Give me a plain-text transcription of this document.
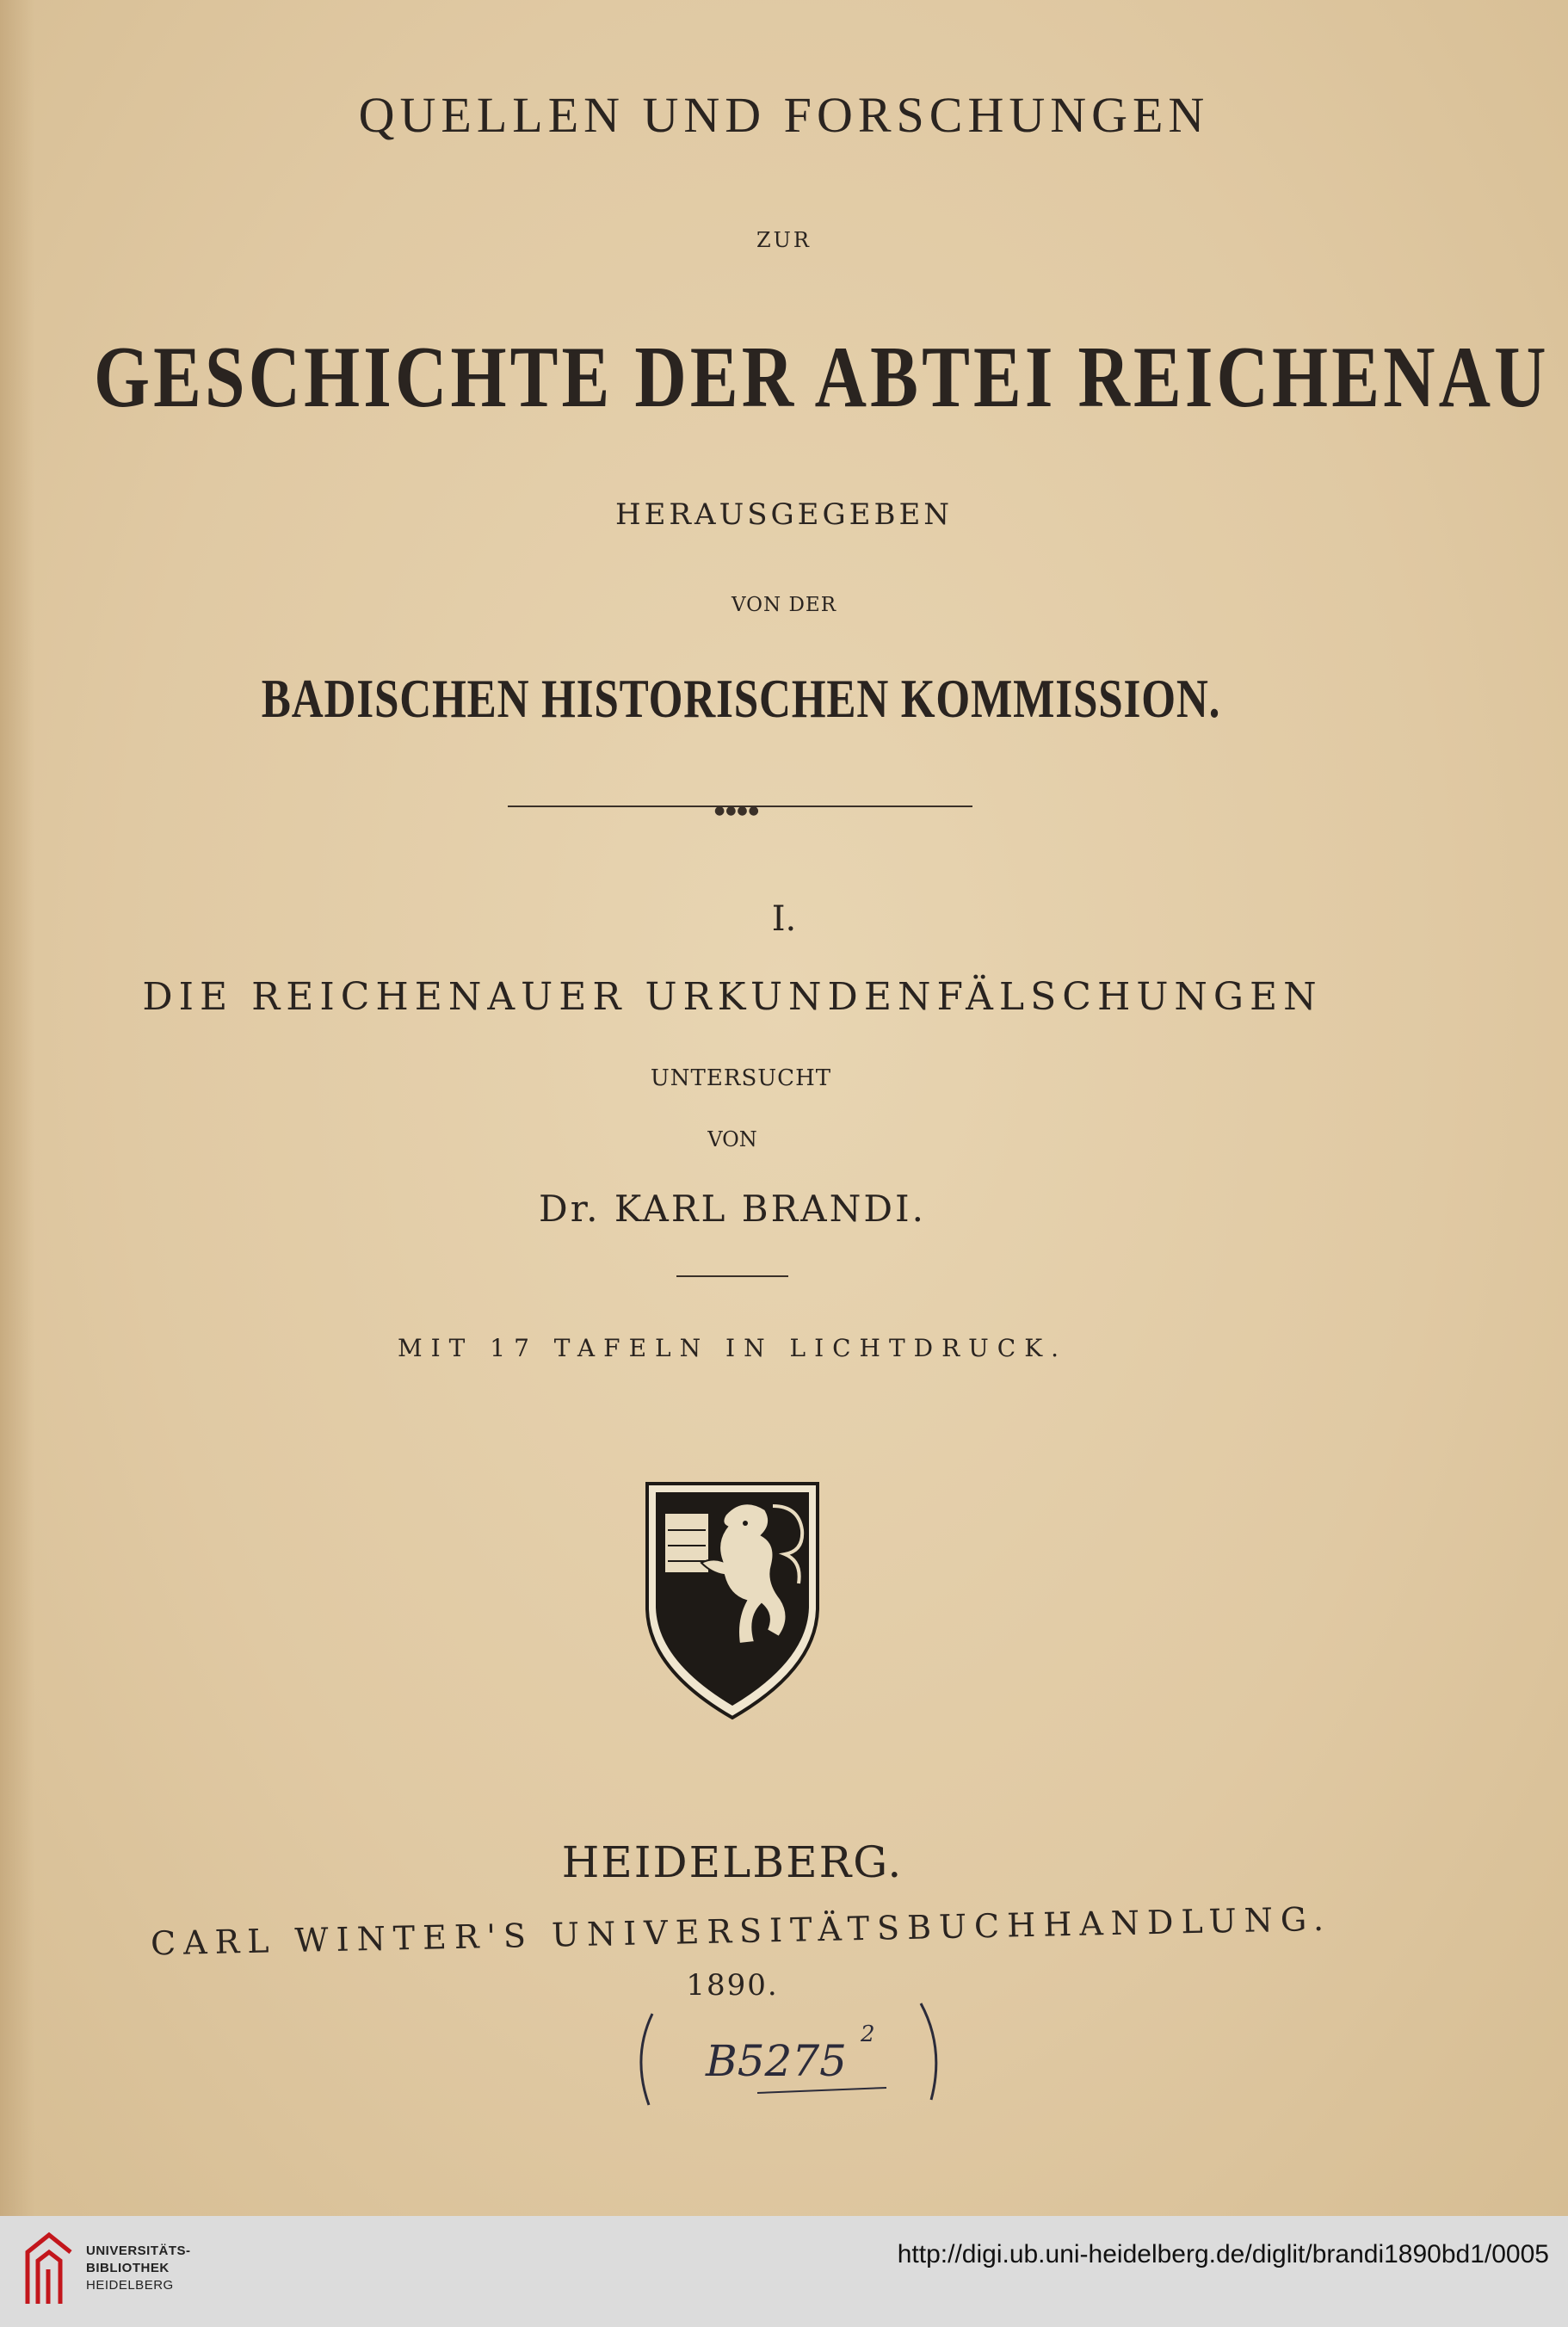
QUELLEN UND FORSCHUNGEN
ZUR
GESCHICHTE DER ABTEI REICHENAU
HERAUSGEGEBEN
VON DER
BADISCHEN HISTORISCHEN KOMMISSION.
●●●●
I.
DIE REICHENAUER URKUNDENFÄLSCHUNGEN
UNTERSUCHT
VON
Dr. KARL BRANDI.
MIT 17 TAFELN IN LICHTDRUCK.
HEIDELBERG.
CARL WINTER'S UNIVERSITÄTSBUCHHANDLUNG.
1890.
B5275
2
UNIVERSITÄTS-
BIBLIOTHEK
HEIDELBERG
http://digi.ub.uni-heidelberg.de/diglit/brandi1890bd1/0005
